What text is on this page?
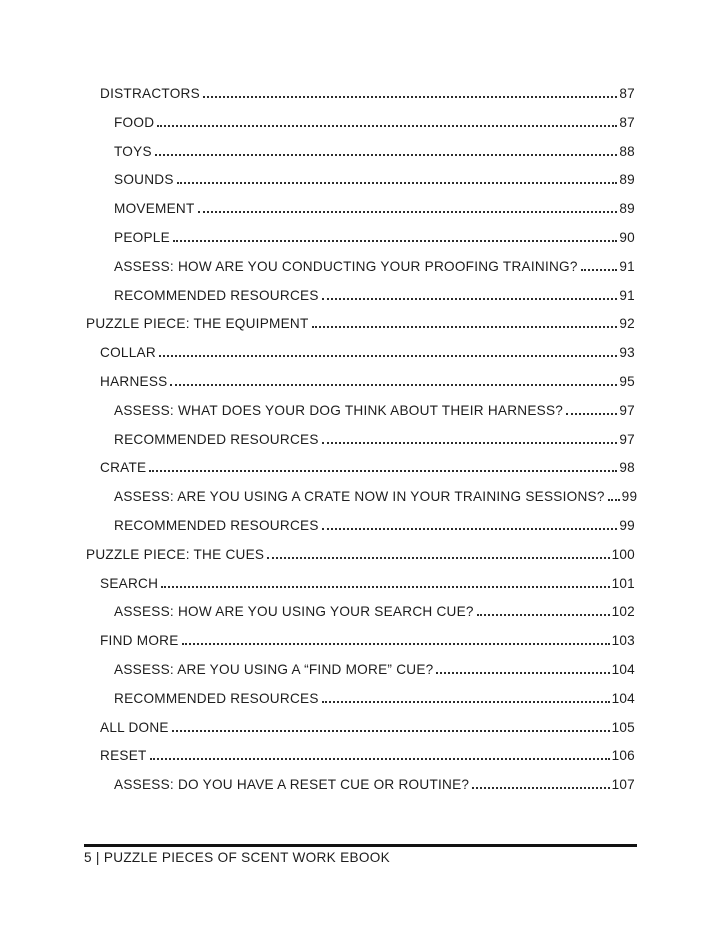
DISTRACTORS	87
FOOD	87
TOYS	88
SOUNDS	89
MOVEMENT	89
PEOPLE	90
ASSESS: HOW ARE YOU CONDUCTING YOUR PROOFING TRAINING?	91
RECOMMENDED RESOURCES	91
PUZZLE PIECE: THE EQUIPMENT	92
COLLAR	93
HARNESS	95
ASSESS: WHAT DOES YOUR DOG THINK ABOUT THEIR HARNESS?	97
RECOMMENDED RESOURCES	97
CRATE	98
ASSESS: ARE YOU USING A CRATE NOW IN YOUR TRAINING SESSIONS? 99
RECOMMENDED RESOURCES	99
PUZZLE PIECE: THE CUES	100
SEARCH	101
ASSESS: HOW ARE YOU USING YOUR SEARCH CUE?	102
FIND MORE	103
ASSESS: ARE YOU USING A “FIND MORE” CUE?	104
RECOMMENDED RESOURCES	104
ALL DONE	105
RESET	106
ASSESS: DO YOU HAVE A RESET CUE OR ROUTINE?	107
5 | PUZZLE PIECES OF SCENT WORK EBOOK
